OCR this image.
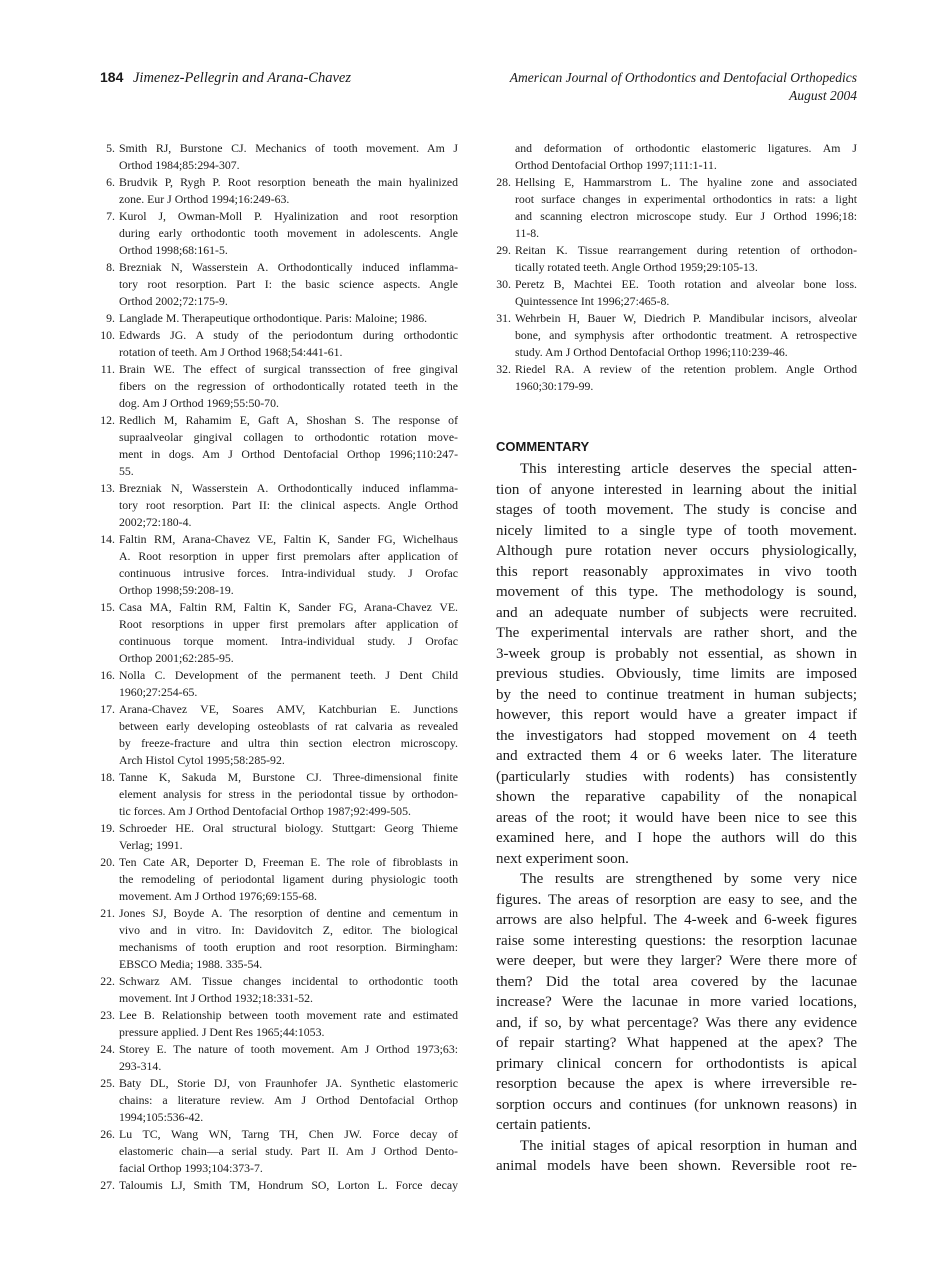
184 Jimenez-Pellegrin and Arana-Chavez	American Journal of Orthodontics and Dentofacial Orthopedics
August 2004
5. Smith RJ, Burstone CJ. Mechanics of tooth movement. Am J
Orthod 1984;85:294-307.
6. Brudvik P, Rygh P. Root resorption beneath the main hyalinized
zone. Eur J Orthod 1994;16:249-63.
7. Kurol J, Owman-Moll P. Hyalinization and root resorption
during early orthodontic tooth movement in adolescents. Angle
Orthod 1998;68:161-5.
8. Brezniak N, Wasserstein A. Orthodontically induced inflamma-
tory root resorption. Part I: the basic science aspects. Angle
Orthod 2002;72:175-9.
9. Langlade M. Therapeutique orthodontique. Paris: Maloine; 1986.
10. Edwards JG. A study of the periodontum during orthodontic
rotation of teeth. Am J Orthod 1968;54:441-61.
11. Brain WE. The effect of surgical transsection of free gingival
fibers on the regression of orthodontically rotated teeth in the
dog. Am J Orthod 1969;55:50-70.
12. Redlich M, Rahamim E, Gaft A, Shoshan S. The response of
supraalveolar gingival collagen to orthodontic rotation move-
ment in dogs. Am J Orthod Dentofacial Orthop 1996;110:247-
55.
13. Brezniak N, Wasserstein A. Orthodontically induced inflamma-
tory root resorption. Part II: the clinical aspects. Angle Orthod
2002;72:180-4.
14. Faltin RM, Arana-Chavez VE, Faltin K, Sander FG, Wichelhaus
A. Root resorption in upper first premolars after application of
continuous intrusive forces. Intra-individual study. J Orofac
Orthop 1998;59:208-19.
15. Casa MA, Faltin RM, Faltin K, Sander FG, Arana-Chavez VE.
Root resorptions in upper first premolars after application of
continuous torque moment. Intra-individual study. J Orofac
Orthop 2001;62:285-95.
16. Nolla C. Development of the permanent teeth. J Dent Child
1960;27:254-65.
17. Arana-Chavez VE, Soares AMV, Katchburian E. Junctions
between early developing osteoblasts of rat calvaria as revealed
by freeze-fracture and ultra thin section electron microscopy.
Arch Histol Cytol 1995;58:285-92.
18. Tanne K, Sakuda M, Burstone CJ. Three-dimensional finite
element analysis for stress in the periodontal tissue by orthodon-
tic forces. Am J Orthod Dentofacial Orthop 1987;92:499-505.
19. Schroeder HE. Oral structural biology. Stuttgart: Georg Thieme
Verlag; 1991.
20. Ten Cate AR, Deporter D, Freeman E. The role of fibroblasts in
the remodeling of periodontal ligament during physiologic tooth
movement. Am J Orthod 1976;69:155-68.
21. Jones SJ, Boyde A. The resorption of dentine and cementum in
vivo and in vitro. In: Davidovitch Z, editor. The biological
mechanisms of tooth eruption and root resorption. Birmingham:
EBSCO Media; 1988. 335-54.
22. Schwarz AM. Tissue changes incidental to orthodontic tooth
movement. Int J Orthod 1932;18:331-52.
23. Lee B. Relationship between tooth movement rate and estimated
pressure applied. J Dent Res 1965;44:1053.
24. Storey E. The nature of tooth movement. Am J Orthod 1973;63:
293-314.
25. Baty DL, Storie DJ, von Fraunhofer JA. Synthetic elastomeric
chains: a literature review. Am J Orthod Dentofacial Orthop
1994;105:536-42.
26. Lu TC, Wang WN, Tarng TH, Chen JW. Force decay of
elastomeric chain—a serial study. Part II. Am J Orthod Dento-
facial Orthop 1993;104:373-7.
27. Taloumis LJ, Smith TM, Hondrum SO, Lorton L. Force decay
and deformation of orthodontic elastomeric ligatures. Am J
Orthod Dentofacial Orthop 1997;111:1-11.
28. Hellsing E, Hammarstrom L. The hyaline zone and associated
root surface changes in experimental orthodontics in rats: a light
and scanning electron microscope study. Eur J Orthod 1996;18:
11-8.
29. Reitan K. Tissue rearrangement during retention of orthodon-
tically rotated teeth. Angle Orthod 1959;29:105-13.
30. Peretz B, Machtei EE. Tooth rotation and alveolar bone loss.
Quintessence Int 1996;27:465-8.
31. Wehrbein H, Bauer W, Diedrich P. Mandibular incisors, alveolar
bone, and symphysis after orthodontic treatment. A retrospective
study. Am J Orthod Dentofacial Orthop 1996;110:239-46.
32. Riedel RA. A review of the retention problem. Angle Orthod
1960;30:179-99.
COMMENTARY
This interesting article deserves the special atten-
tion of anyone interested in learning about the initial
stages of tooth movement. The study is concise and
nicely limited to a single type of tooth movement.
Although pure rotation never occurs physiologically,
this report reasonably approximates in vivo tooth
movement of this type. The methodology is sound,
and an adequate number of subjects were recruited.
The experimental intervals are rather short, and the
3-week group is probably not essential, as shown in
previous studies. Obviously, time limits are imposed
by the need to continue treatment in human subjects;
however, this report would have a greater impact if
the investigators had stopped movement on 4 teeth
and extracted them 4 or 6 weeks later. The literature
(particularly studies with rodents) has consistently
shown the reparative capability of the nonapical
areas of the root; it would have been nice to see this
examined here, and I hope the authors will do this
next experiment soon.
The results are strengthened by some very nice
figures. The areas of resorption are easy to see, and the
arrows are also helpful. The 4-week and 6-week figures
raise some interesting questions: the resorption lacunae
were deeper, but were they larger? Were there more of
them? Did the total area covered by the lacunae
increase? Were the lacunae in more varied locations,
and, if so, by what percentage? Was there any evidence
of repair starting? What happened at the apex? The
primary clinical concern for orthodontists is apical
resorption because the apex is where irreversible re-
sorption occurs and continues (for unknown reasons) in
certain patients.
The initial stages of apical resorption in human and
animal models have been shown. Reversible root re-
